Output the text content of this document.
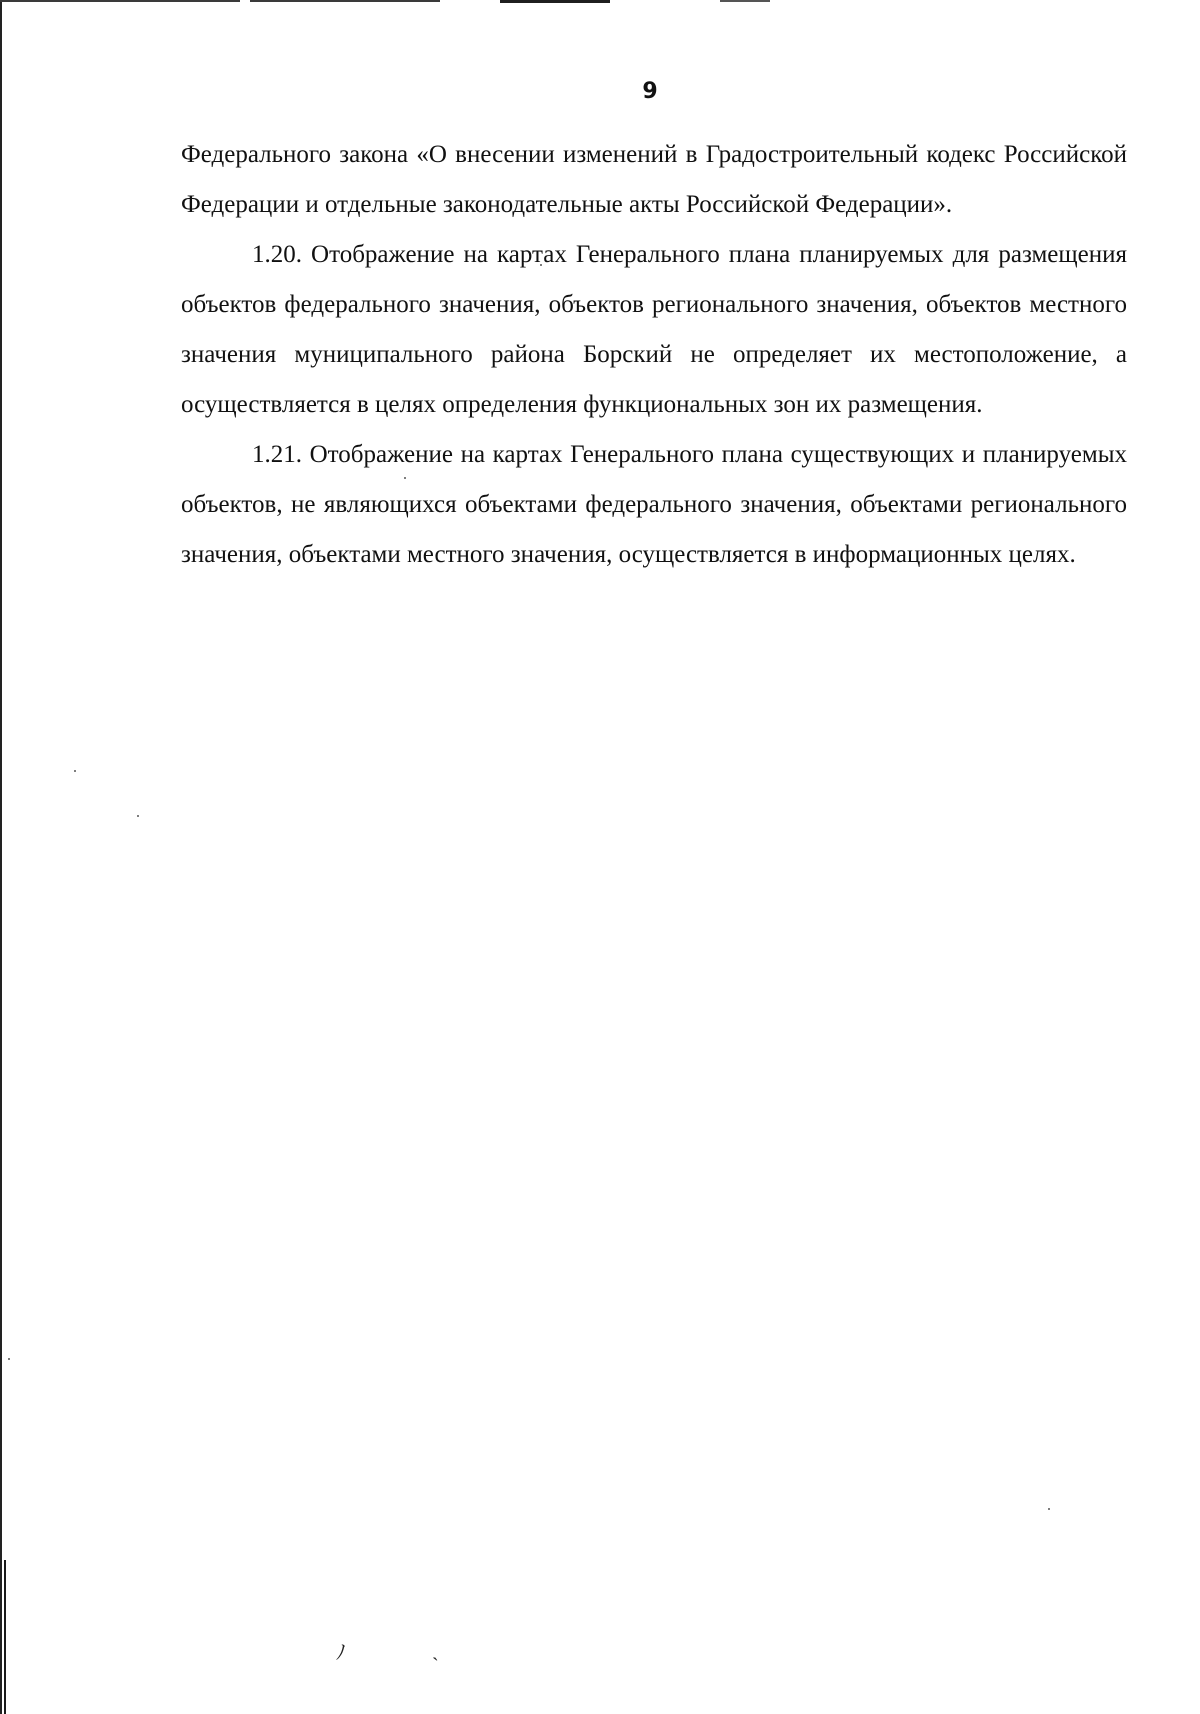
ﾉ	ˏ

9

Федерального закона «О внесении изменений в Градостроительный кодекс Российской Федерации и отдельные законодательные акты Российской Федерации».

1.20. Отображение на картах Генерального плана планируемых для размещения объектов федерального значения, объектов регионального значения, объектов местного значения муниципального района Борский не определяет их местоположение, а осуществляется в целях определения функциональных зон их размещения.

1.21. Отображение на картах Генерального плана существующих и планируемых объектов, не являющихся объектами федерального значения, объектами регионального значения, объектами местного значения, осуществляется в информационных целях.
